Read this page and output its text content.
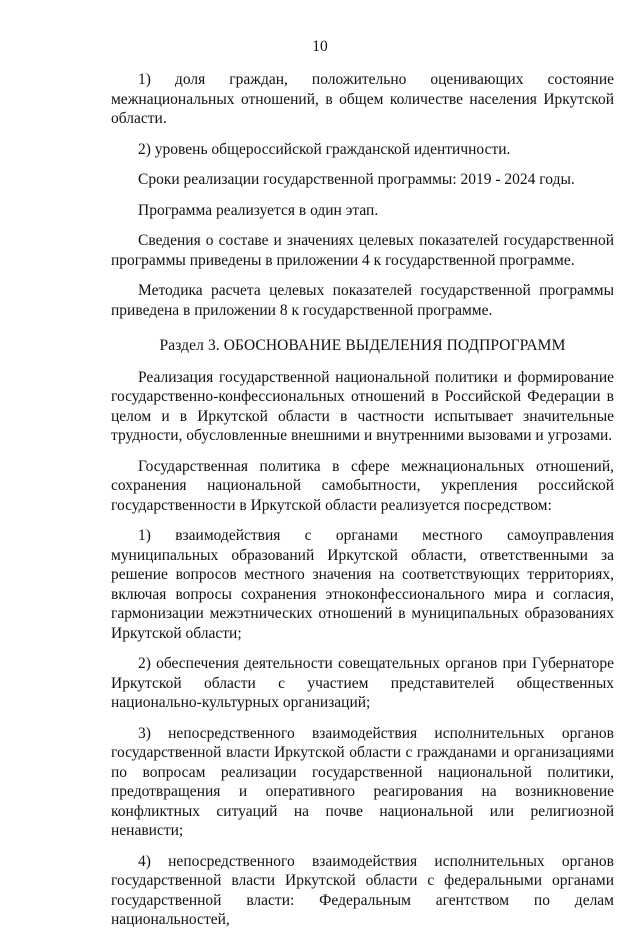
10

1) доля граждан, положительно оценивающих состояние межнациональных отношений, в общем количестве населения Иркутской области.

2) уровень общероссийской гражданской идентичности.

Сроки реализации государственной программы: 2019 - 2024 годы.

Программа реализуется в один этап.

Сведения о составе и значениях целевых показателей государственной программы приведены в приложении 4 к государственной программе.

Методика расчета целевых показателей государственной программы приведена в приложении 8 к государственной программе.

Раздел 3. ОБОСНОВАНИЕ ВЫДЕЛЕНИЯ ПОДПРОГРАММ

Реализация государственной национальной политики и формирование государственно-конфессиональных отношений в Российской Федерации в целом и в Иркутской области в частности испытывает значительные трудности, обусловленные внешними и внутренними вызовами и угрозами.

Государственная политика в сфере межнациональных отношений, сохранения национальной самобытности, укрепления российской государственности в Иркутской области реализуется посредством:

1) взаимодействия с органами местного самоуправления муниципальных образований Иркутской области, ответственными за решение вопросов местного значения на соответствующих территориях, включая вопросы сохранения этноконфессионального мира и согласия, гармонизации межэтнических отношений в муниципальных образованиях Иркутской области;

2) обеспечения деятельности совещательных органов при Губернаторе Иркутской области с участием представителей общественных национально-культурных организаций;

3) непосредственного взаимодействия исполнительных органов государственной власти Иркутской области с гражданами и организациями по вопросам реализации государственной национальной политики, предотвращения и оперативного реагирования на возникновение конфликтных ситуаций на почве национальной или религиозной ненависти;

4) непосредственного взаимодействия исполнительных органов государственной власти Иркутской области с федеральными органами государственной власти: Федеральным агентством по делам национальностей,
